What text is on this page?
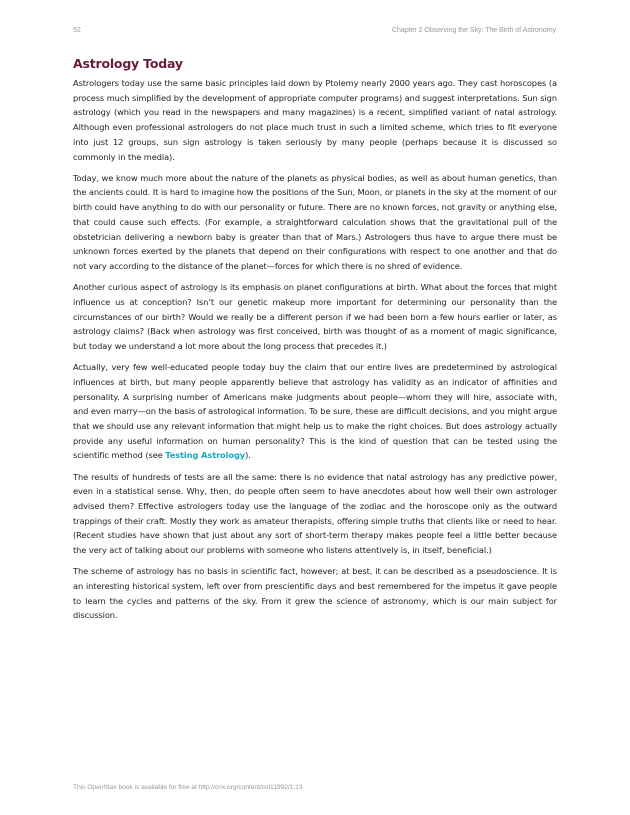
52	Chapter 2 Observing the Sky: The Birth of Astronomy
Astrology Today

Astrologers today use the same basic principles laid down by Ptolemy nearly 2000 years ago. They cast horoscopes (a process much simplified by the development of appropriate computer programs) and suggest interpretations. Sun sign astrology (which you read in the newspapers and many magazines) is a recent, simplified variant of natal astrology. Although even professional astrologers do not place much trust in such a limited scheme, which tries to fit everyone into just 12 groups, sun sign astrology is taken seriously by many people (perhaps because it is discussed so commonly in the media).

Today, we know much more about the nature of the planets as physical bodies, as well as about human genetics, than the ancients could. It is hard to imagine how the positions of the Sun, Moon, or planets in the sky at the moment of our birth could have anything to do with our personality or future. There are no known forces, not gravity or anything else, that could cause such effects. (For example, a straightforward calculation shows that the gravitational pull of the obstetrician delivering a newborn baby is greater than that of Mars.) Astrologers thus have to argue there must be unknown forces exerted by the planets that depend on their configurations with respect to one another and that do not vary according to the distance of the planet—forces for which there is no shred of evidence.

Another curious aspect of astrology is its emphasis on planet configurations at birth. What about the forces that might influence us at conception? Isn’t our genetic makeup more important for determining our personality than the circumstances of our birth? Would we really be a different person if we had been born a few hours earlier or later, as astrology claims? (Back when astrology was first conceived, birth was thought of as a moment of magic significance, but today we understand a lot more about the long process that precedes it.)

Actually, very few well-educated people today buy the claim that our entire lives are predetermined by astrological influences at birth, but many people apparently believe that astrology has validity as an indicator of affinities and personality. A surprising number of Americans make judgments about people—whom they will hire, associate with, and even marry—on the basis of astrological information. To be sure, these are difficult decisions, and you might argue that we should use any relevant information that might help us to make the right choices. But does astrology actually provide any useful information on human personality? This is the kind of question that can be tested using the scientific method (see Testing Astrology).

The results of hundreds of tests are all the same: there is no evidence that natal astrology has any predictive power, even in a statistical sense. Why, then, do people often seem to have anecdotes about how well their own astrologer advised them? Effective astrologers today use the language of the zodiac and the horoscope only as the outward trappings of their craft. Mostly they work as amateur therapists, offering simple truths that clients like or need to hear. (Recent studies have shown that just about any sort of short-term therapy makes people feel a little better because the very act of talking about our problems with someone who listens attentively is, in itself, beneficial.)

The scheme of astrology has no basis in scientific fact, however; at best, it can be described as a pseudoscience. It is an interesting historical system, left over from prescientific days and best remembered for the impetus it gave people to learn the cycles and patterns of the sky. From it grew the science of astronomy, which is our main subject for discussion.

This OpenStax book is available for free at http://cnx.org/content/col11992/1.13
